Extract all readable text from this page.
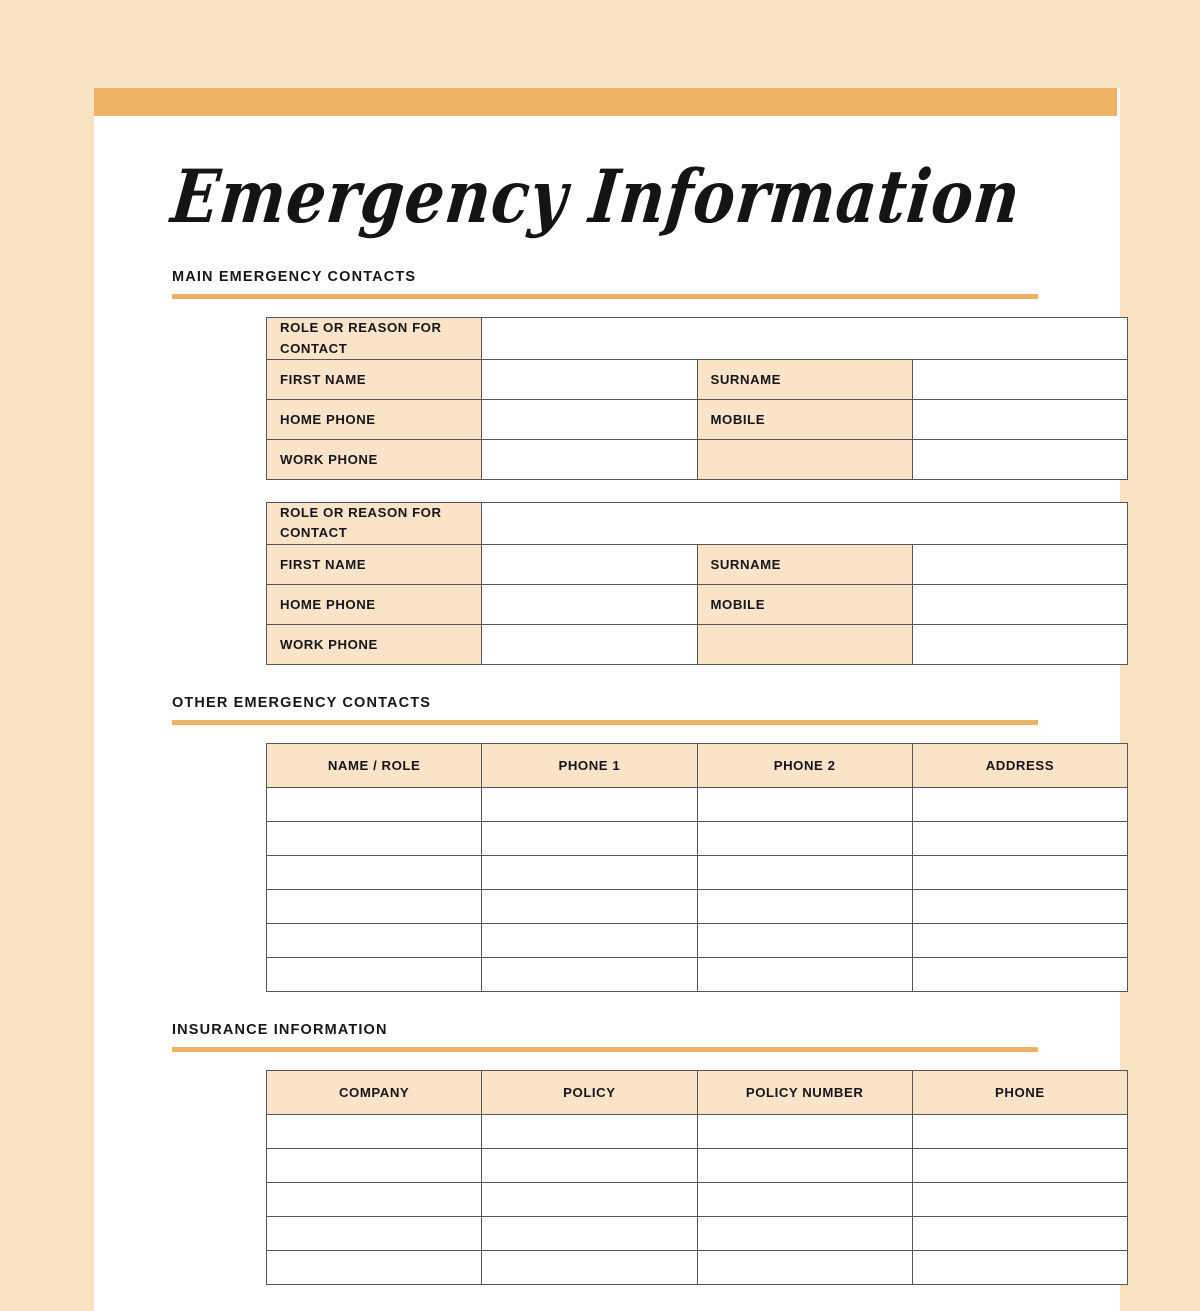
Emergency Information
MAIN EMERGENCY CONTACTS
ROLE OR REASON FOR CONTACT			
FIRST NAME		SURNAME	
HOME PHONE		MOBILE	
WORK PHONE			
ROLE OR REASON FOR CONTACT			
FIRST NAME		SURNAME	
HOME PHONE		MOBILE	
WORK PHONE			
OTHER EMERGENCY CONTACTS
NAME / ROLE	PHONE 1	PHONE 2	ADDRESS

INSURANCE INFORMATION
COMPANY	POLICY	POLICY NUMBER	PHONE
